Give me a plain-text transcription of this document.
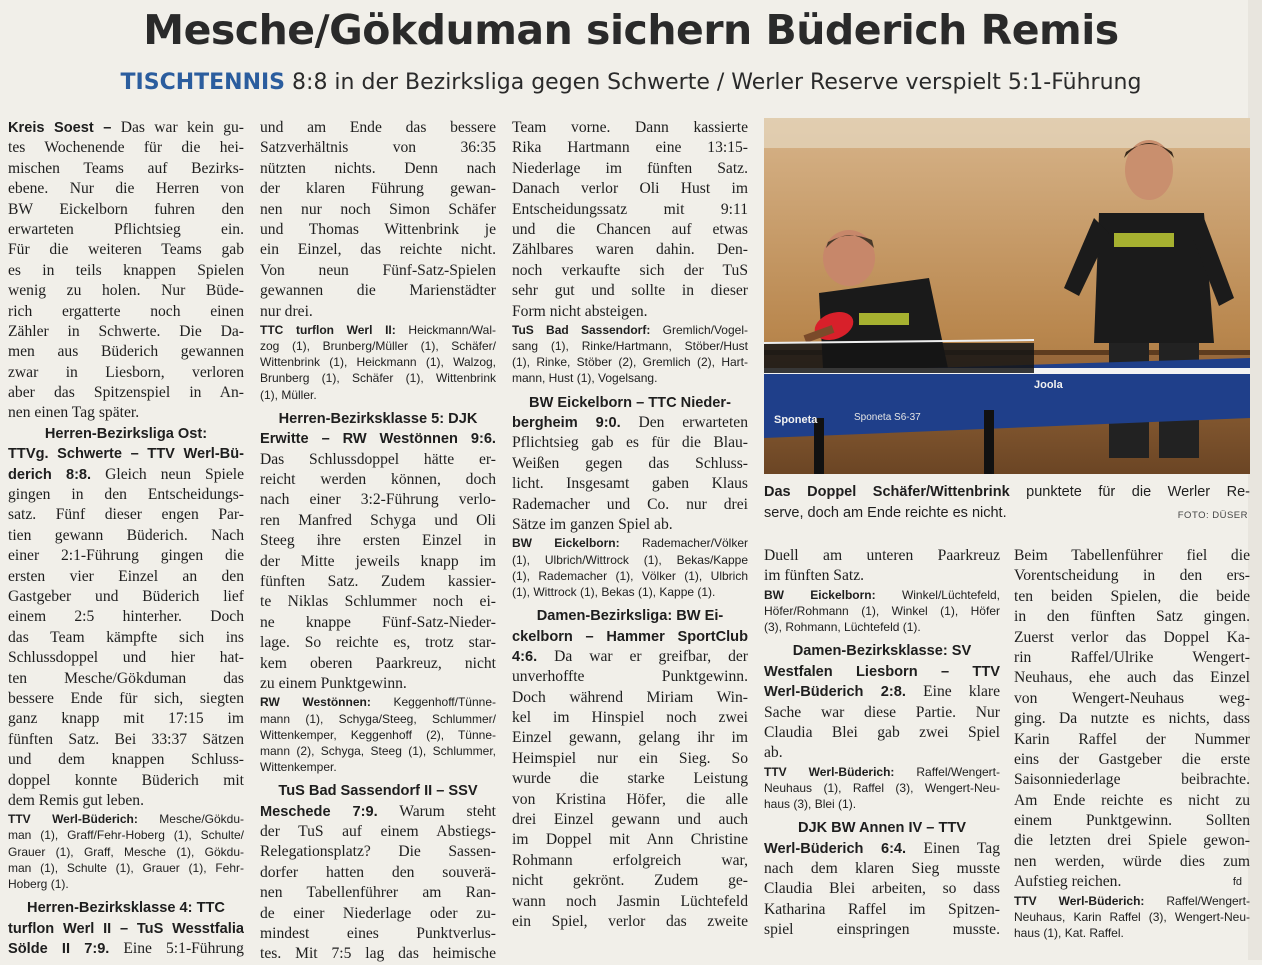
Mesche/Gökduman sichern Büderich Remis
TISCHTENNIS 8:8 in der Bezirksliga gegen Schwerte / Werler Reserve verspielt 5:1-Führung
Kreis Soest – Das war kein gu-
tes Wochenende für die hei-
mischen Teams auf Bezirks-
ebene. Nur die Herren von
BW Eickelborn fuhren den
erwarteten Pflichtsieg ein.
Für die weiteren Teams gab
es in teils knappen Spielen
wenig zu holen. Nur Büde-
rich ergatterte noch einen
Zähler in Schwerte. Die Da-
men aus Büderich gewannen
zwar in Liesborn, verloren
aber das Spitzenspiel in An-
nen einen Tag später.
Herren-Bezirksliga Ost:
TTVg. Schwerte – TTV Werl-Bü-
derich 8:8. Gleich neun Spiele
gingen in den Entscheidungs-
satz. Fünf dieser engen Par-
tien gewann Büderich. Nach
einer 2:1-Führung gingen die
ersten vier Einzel an den
Gastgeber und Büderich lief
einem 2:5 hinterher. Doch
das Team kämpfte sich ins
Schlussdoppel und hier hat-
ten Mesche/Gökduman das
bessere Ende für sich, siegten
ganz knapp mit 17:15 im
fünften Satz. Bei 33:37 Sätzen
und dem knappen Schluss-
doppel konnte Büderich mit
dem Remis gut leben.
TTV Werl-Büderich: Mesche/Gökdu-
man (1), Graff/Fehr-Hoberg (1), Schulte/
Grauer (1), Graff, Mesche (1), Gökdu-
man (1), Schulte (1), Grauer (1), Fehr-
Hoberg (1).
Herren-Bezirksklasse 4: TTC
turflon Werl II – TuS Wesstfalia
Sölde II 7:9. Eine 5:1-Führung
und am Ende das bessere
Satzverhältnis von 36:35
nützten nichts. Denn nach
der klaren Führung gewan-
nen nur noch Simon Schäfer
und Thomas Wittenbrink je
ein Einzel, das reichte nicht.
Von neun Fünf-Satz-Spielen
gewannen die Marienstädter
nur drei.
TTC turflon Werl II: Heickmann/Wal-
zog (1), Brunberg/Müller (1), Schäfer/
Wittenbrink (1), Heickmann (1), Walzog,
Brunberg (1), Schäfer (1), Wittenbrink
(1), Müller.
Herren-Bezirksklasse 5: DJK
Erwitte – RW Westönnen 9:6.
Das Schlussdoppel hätte er-
reicht werden können, doch
nach einer 3:2-Führung verlo-
ren Manfred Schyga und Oli
Steeg ihre ersten Einzel in
der Mitte jeweils knapp im
fünften Satz. Zudem kassier-
te Niklas Schlummer noch ei-
ne knappe Fünf-Satz-Nieder-
lage. So reichte es, trotz star-
kem oberen Paarkreuz, nicht
zu einem Punktgewinn.
RW Westönnen: Keggenhoff/Tünne-
mann (1), Schyga/Steeg, Schlummer/
Wittenkemper, Keggenhoff (2), Tünne-
mann (2), Schyga, Steeg (1), Schlummer,
Wittenkemper.
TuS Bad Sassendorf II – SSV
Meschede 7:9. Warum steht
der TuS auf einem Abstiegs-
Relegationsplatz? Die Sassen-
dorfer hatten den souverä-
nen Tabellenführer am Ran-
de einer Niederlage oder zu-
mindest eines Punktverlus-
tes. Mit 7:5 lag das heimische
Team vorne. Dann kassierte
Rika Hartmann eine 13:15-
Niederlage im fünften Satz.
Danach verlor Oli Hust im
Entscheidungssatz mit 9:11
und die Chancen auf etwas
Zählbares waren dahin. Den-
noch verkaufte sich der TuS
sehr gut und sollte in dieser
Form nicht absteigen.
TuS Bad Sassendorf: Gremlich/Vogel-
sang (1), Rinke/Hartmann, Stöber/Hust
(1), Rinke, Stöber (2), Gremlich (2), Hart-
mann, Hust (1), Vogelsang.
BW Eickelborn – TTC Nieder-
bergheim 9:0. Den erwarteten
Pflichtsieg gab es für die Blau-
Weißen gegen das Schluss-
licht. Insgesamt gaben Klaus
Rademacher und Co. nur drei
Sätze im ganzen Spiel ab.
BW Eickelborn: Rademacher/Völker
(1), Ulbrich/Wittrock (1), Bekas/Kappe
(1), Rademacher (1), Völker (1), Ulbrich
(1), Wittrock (1), Bekas (1), Kappe (1).
Damen-Bezirksliga: BW Ei-
ckelborn – Hammer SportClub
4:6. Da war er greifbar, der
unverhoffte Punktgewinn.
Doch während Miriam Win-
kel im Hinspiel noch zwei
Einzel gewann, gelang ihr im
Heimspiel nur ein Sieg. So
wurde die starke Leistung
von Kristina Höfer, die alle
drei Einzel gewann und auch
im Doppel mit Ann Christine
Rohmann erfolgreich war,
nicht gekrönt. Zudem ge-
wann noch Jasmin Lüchtefeld
ein Spiel, verlor das zweite
Joola
Sponeta	Sponeta S6-37
Das Doppel Schäfer/Wittenbrink punktete für die Werler Re-
serve, doch am Ende reichte es nicht.	FOTO: DÜSER
Duell am unteren Paarkreuz
im fünften Satz.
BW Eickelborn: Winkel/Lüchtefeld,
Höfer/Rohmann (1), Winkel (1), Höfer
(3), Rohmann, Lüchtefeld (1).
Damen-Bezirksklasse: SV
Westfalen Liesborn – TTV
Werl-Büderich 2:8. Eine klare
Sache war diese Partie. Nur
Claudia Blei gab zwei Spiel
ab.
TTV Werl-Büderich: Raffel/Wengert-
Neuhaus (1), Raffel (3), Wengert-Neu-
haus (3), Blei (1).
DJK BW Annen IV – TTV
Werl-Büderich 6:4. Einen Tag
nach dem klaren Sieg musste
Claudia Blei arbeiten, so dass
Katharina Raffel im Spitzen-
spiel einspringen musste.
Beim Tabellenführer fiel die
Vorentscheidung in den ers-
ten beiden Spielen, die beide
in den fünften Satz gingen.
Zuerst verlor das Doppel Ka-
rin Raffel/Ulrike Wengert-
Neuhaus, ehe auch das Einzel
von Wengert-Neuhaus weg-
ging. Da nutzte es nichts, dass
Karin Raffel der Nummer
eins der Gastgeber die erste
Saisonniederlage beibrachte.
Am Ende reichte es nicht zu
einem Punktgewinn. Sollten
die letzten drei Spiele gewon-
nen werden, würde dies zum
Aufstieg reichen.	fd
TTV Werl-Büderich: Raffel/Wengert-
Neuhaus, Karin Raffel (3), Wengert-Neu-
haus (1), Kat. Raffel.
